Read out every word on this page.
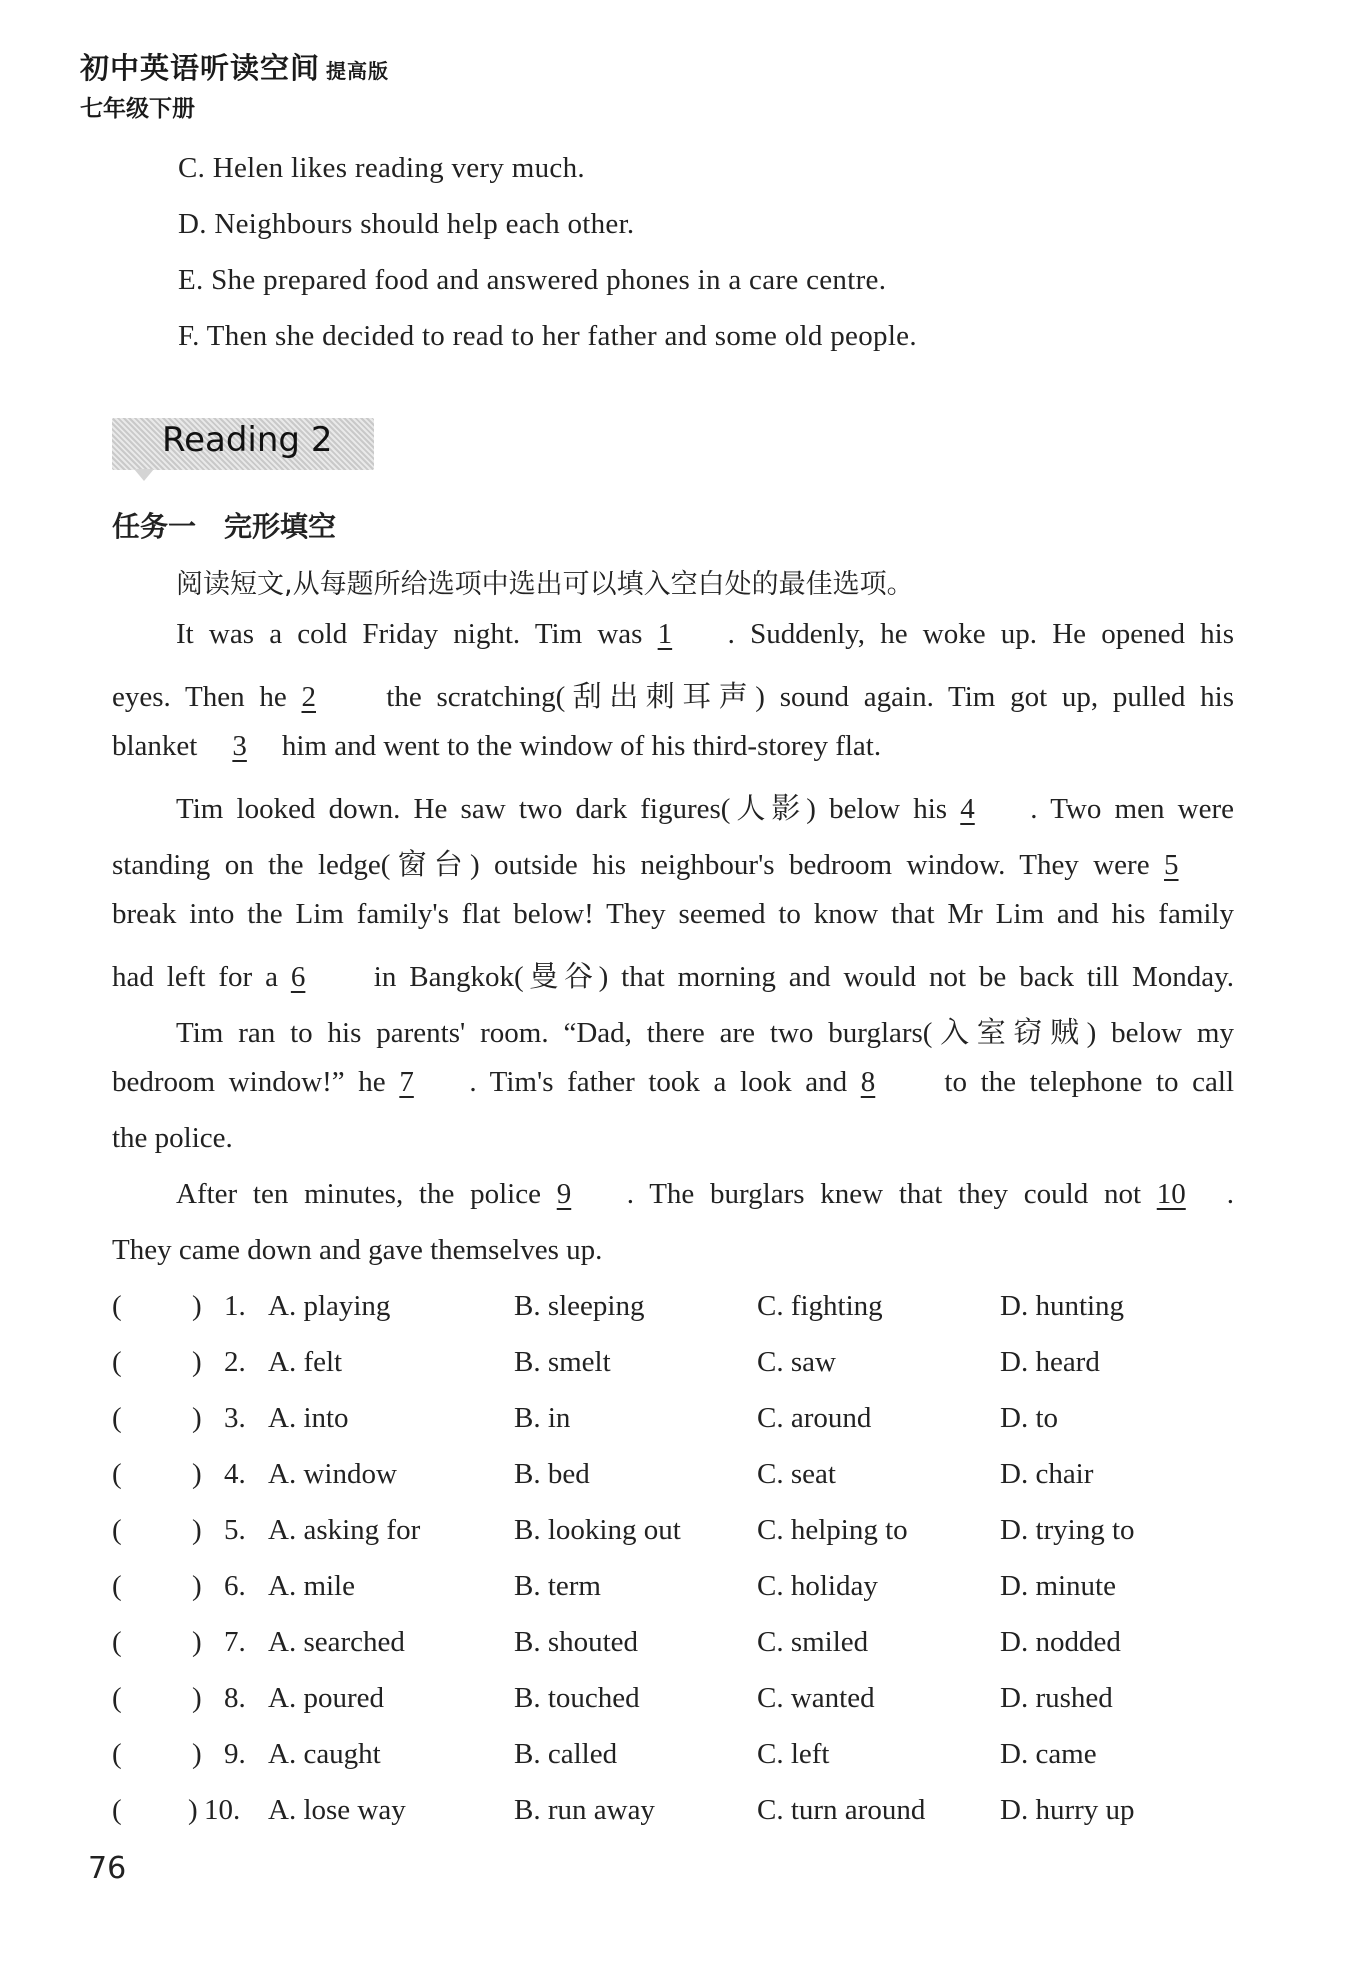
初中英语听读空间 提高版
七年级下册
C. Helen likes reading very much.
D. Neighbours should help each other.
E. She prepared food and answered phones in a care centre.
F. Then she decided to read to her father and some old people.
Reading 2
任务一　完形填空
阅读短文,从每题所给选项中选出可以填入空白处的最佳选项。
It was a cold Friday night. Tim was 1 . Suddenly, he woke up. He opened his
eyes. Then he 2 the scratching(刮出刺耳声) sound again. Tim got up, pulled his
blanket 3 him and went to the window of his third-storey flat.
Tim looked down. He saw two dark figures(人影) below his 4 . Two men were
standing on the ledge(窗台) outside his neighbour's bedroom window. They were 5
break into the Lim family's flat below! They seemed to know that Mr Lim and his family
had left for a 6 in Bangkok(曼谷) that morning and would not be back till Monday.
Tim ran to his parents' room. “Dad, there are two burglars(入室窃贼) below my
bedroom window!” he 7 . Tim's father took a look and 8 to the telephone to call
the police.
After ten minutes, the police 9 . The burglars knew that they could not 10 .
They came down and gave themselves up.
( ) 1. A. playing	B. sleeping	C. fighting	D. hunting
( ) 2. A. felt	B. smelt	C. saw	D. heard
( ) 3. A. into	B. in	C. around	D. to
( ) 4. A. window	B. bed	C. seat	D. chair
( ) 5. A. asking for	B. looking out	C. helping to	D. trying to
( ) 6. A. mile	B. term	C. holiday	D. minute
( ) 7. A. searched	B. shouted	C. smiled	D. nodded
( ) 8. A. poured	B. touched	C. wanted	D. rushed
( ) 9. A. caught	B. called	C. left	D. came
( ) 10. A. lose way	B. run away	C. turn around	D. hurry up
76
